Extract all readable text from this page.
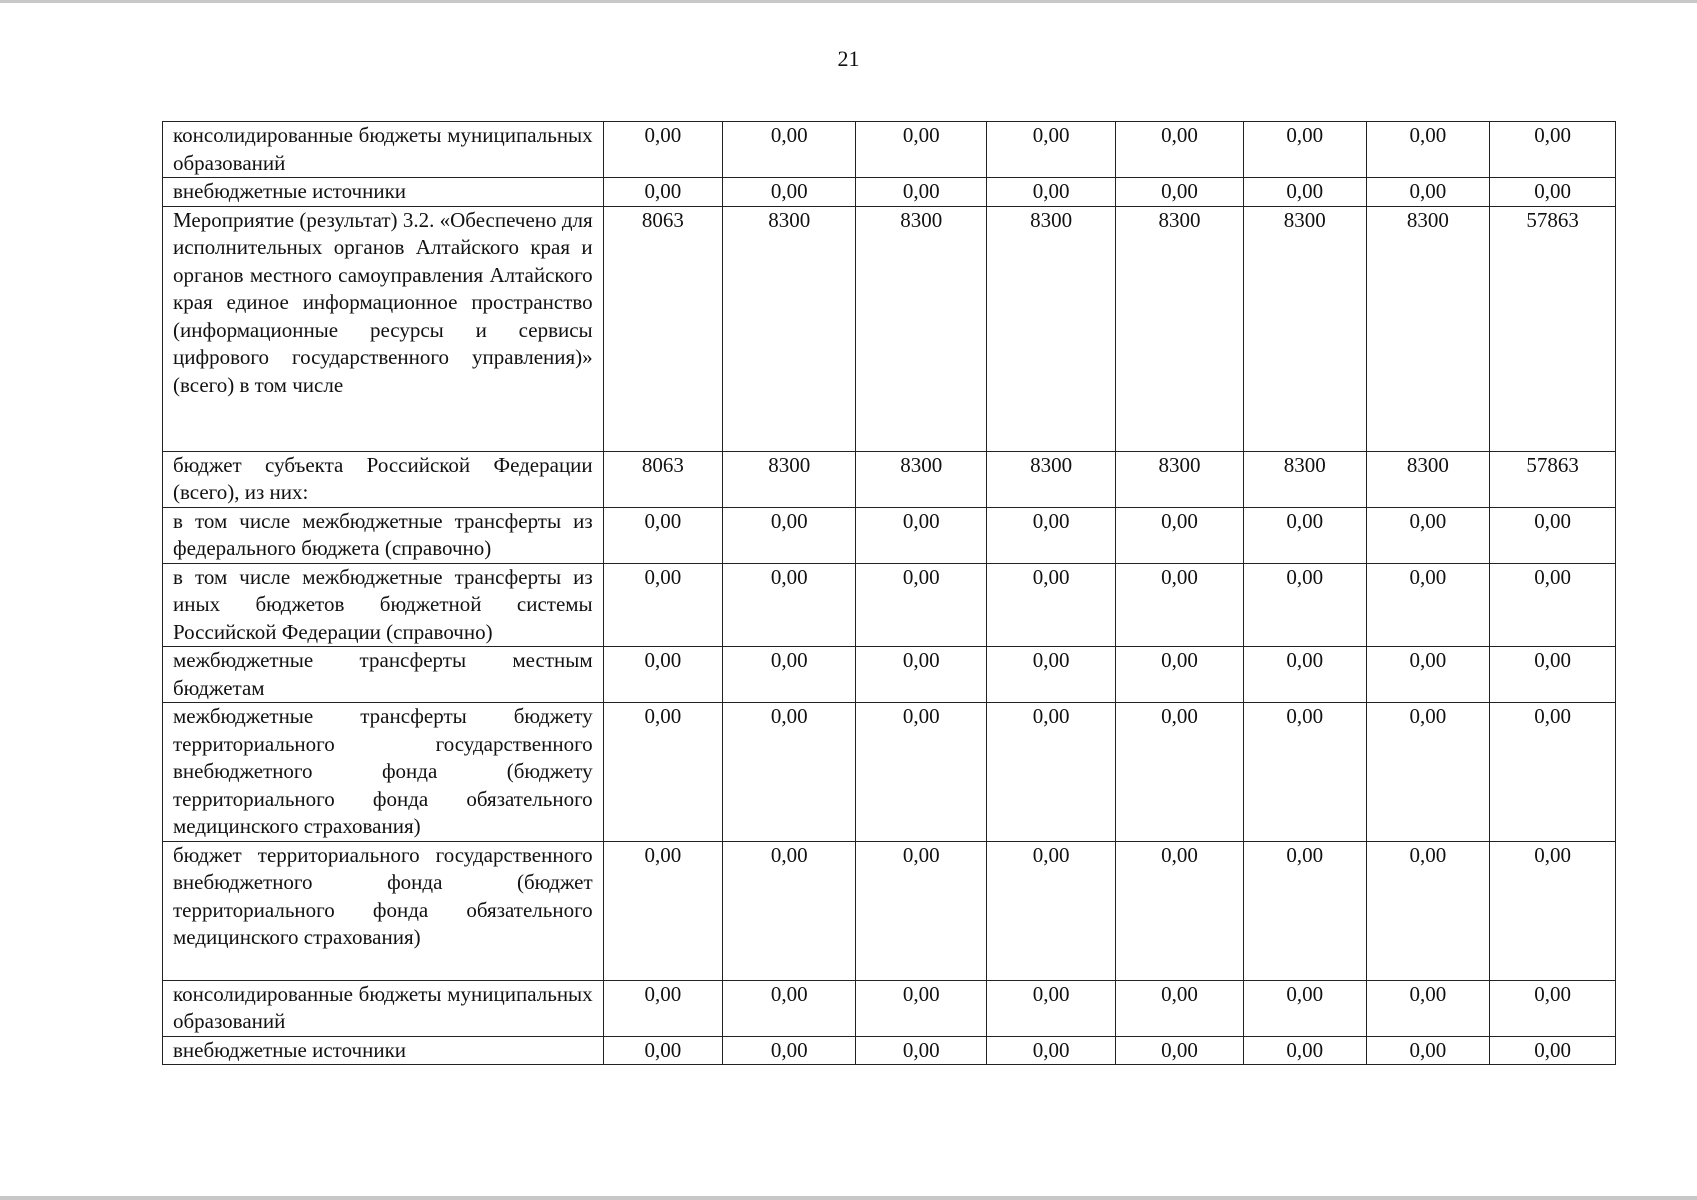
21
консолидированные бюджеты муниципальных образований	0,00	0,00	0,00	0,00	0,00	0,00	0,00	0,00
внебюджетные источники	0,00	0,00	0,00	0,00	0,00	0,00	0,00	0,00
Мероприятие (результат) 3.2. «Обеспечено для исполнительных органов Алтайского края и органов местного самоуправления Алтайского края единое информационное пространство (информационные ресурсы и сервисы цифрового государственного управления)» (всего) в том числе	8063	8300	8300	8300	8300	8300	8300	57863
бюджет субъекта Российской Федерации (всего), из них:	8063	8300	8300	8300	8300	8300	8300	57863
в том числе межбюджетные трансферты из федерального бюджета (справочно)	0,00	0,00	0,00	0,00	0,00	0,00	0,00	0,00
в том числе межбюджетные трансферты из иных бюджетов бюджетной системы Российской Федерации (справочно)	0,00	0,00	0,00	0,00	0,00	0,00	0,00	0,00
межбюджетные трансферты местным бюджетам	0,00	0,00	0,00	0,00	0,00	0,00	0,00	0,00
межбюджетные трансферты бюджету территориального государственного внебюджетного фонда (бюджету территориального фонда обязательного медицинского страхования)	0,00	0,00	0,00	0,00	0,00	0,00	0,00	0,00
бюджет территориального государственного внебюджетного фонда (бюджет территориального фонда обязательного медицинского страхования)	0,00	0,00	0,00	0,00	0,00	0,00	0,00	0,00
консолидированные бюджеты муниципальных образований	0,00	0,00	0,00	0,00	0,00	0,00	0,00	0,00
внебюджетные источники	0,00	0,00	0,00	0,00	0,00	0,00	0,00	0,00
